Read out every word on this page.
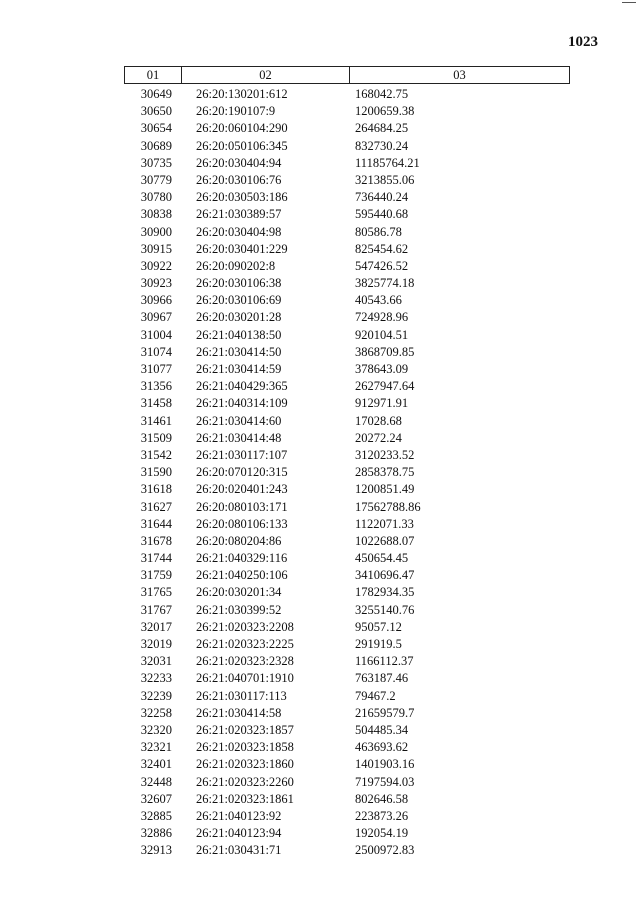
1023
01	02	03
30649	26:20:130201:612	168042.75
30650	26:20:190107:9	1200659.38
30654	26:20:060104:290	264684.25
30689	26:20:050106:345	832730.24
30735	26:20:030404:94	11185764.21
30779	26:20:030106:76	3213855.06
30780	26:20:030503:186	736440.24
30838	26:21:030389:57	595440.68
30900	26:20:030404:98	80586.78
30915	26:20:030401:229	825454.62
30922	26:20:090202:8	547426.52
30923	26:20:030106:38	3825774.18
30966	26:20:030106:69	40543.66
30967	26:20:030201:28	724928.96
31004	26:21:040138:50	920104.51
31074	26:21:030414:50	3868709.85
31077	26:21:030414:59	378643.09
31356	26:21:040429:365	2627947.64
31458	26:21:040314:109	912971.91
31461	26:21:030414:60	17028.68
31509	26:21:030414:48	20272.24
31542	26:21:030117:107	3120233.52
31590	26:20:070120:315	2858378.75
31618	26:20:020401:243	1200851.49
31627	26:20:080103:171	17562788.86
31644	26:20:080106:133	1122071.33
31678	26:20:080204:86	1022688.07
31744	26:21:040329:116	450654.45
31759	26:21:040250:106	3410696.47
31765	26:20:030201:34	1782934.35
31767	26:21:030399:52	3255140.76
32017	26:21:020323:2208	95057.12
32019	26:21:020323:2225	291919.5
32031	26:21:020323:2328	1166112.37
32233	26:21:040701:1910	763187.46
32239	26:21:030117:113	79467.2
32258	26:21:030414:58	21659579.7
32320	26:21:020323:1857	504485.34
32321	26:21:020323:1858	463693.62
32401	26:21:020323:1860	1401903.16
32448	26:21:020323:2260	7197594.03
32607	26:21:020323:1861	802646.58
32885	26:21:040123:92	223873.26
32886	26:21:040123:94	192054.19
32913	26:21:030431:71	2500972.83
